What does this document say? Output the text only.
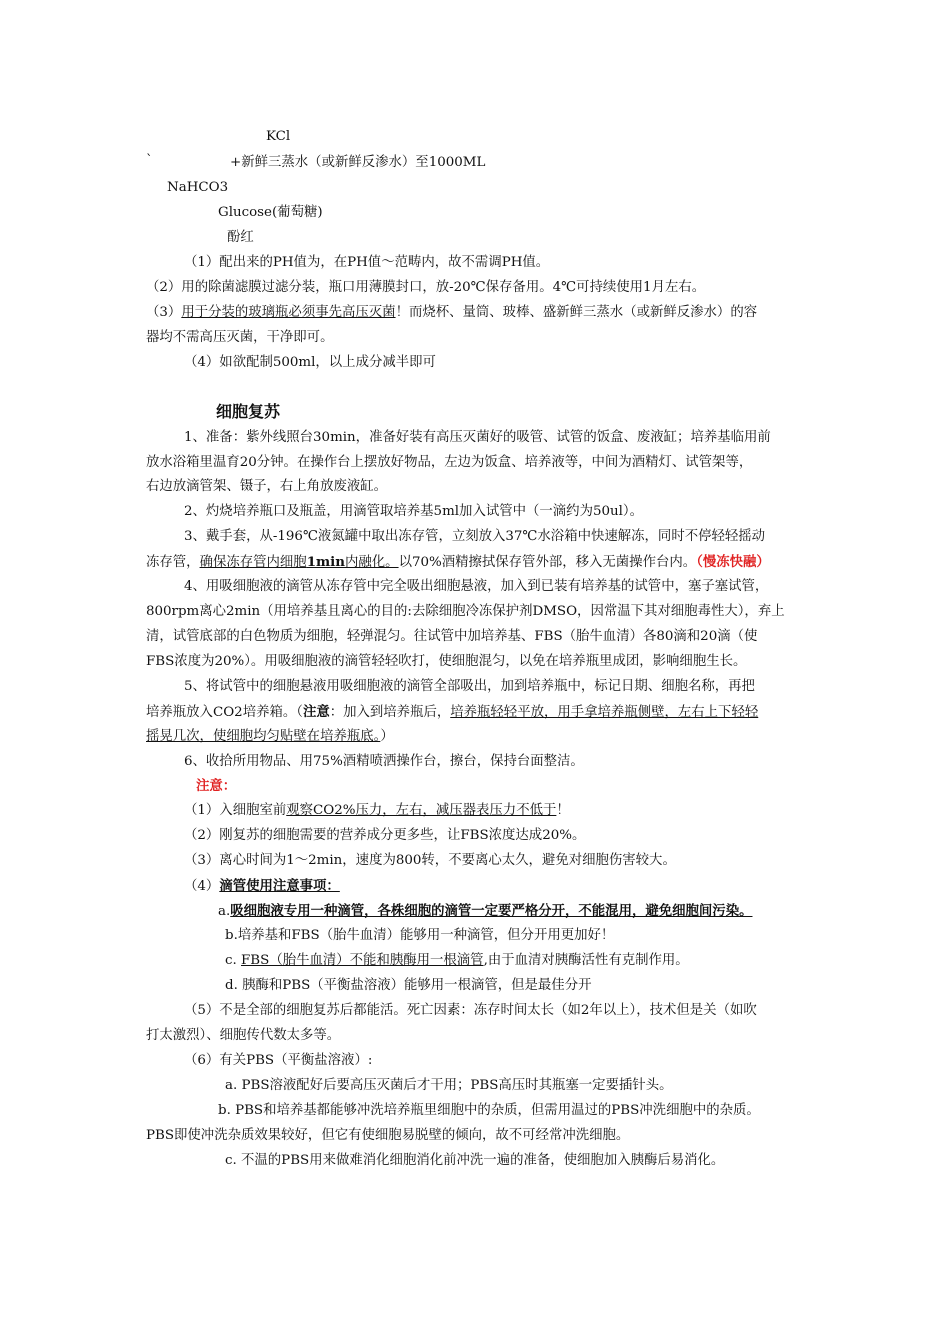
KCl
`	+新鲜三蒸水（或新鲜反渗水）至1000ML
NaHCO3
Glucose(葡萄糖)
酚红
（1）配出来的PH值为，在PH值～范畴内，故不需调PH值。
（2）用的除菌滤膜过滤分装，瓶口用薄膜封口，放-20℃保存备用。4℃可持续使用1月左右。
（3）用于分装的玻璃瓶必须事先高压灭菌！而烧杯、量筒、玻棒、盛新鲜三蒸水（或新鲜反渗水）的容
器均不需高压灭菌，干净即可。
（4）如欲配制500ml，以上成分减半即可
细胞复苏
1、准备：紫外线照台30min，准备好装有高压灭菌好的吸管、试管的饭盒、废液缸；培养基临用前
放水浴箱里温育20分钟。在操作台上摆放好物品，左边为饭盒、培养液等，中间为酒精灯、试管架等，
右边放滴管架、镊子，右上角放废液缸。
2、灼烧培养瓶口及瓶盖，用滴管取培养基5ml加入试管中（一滴约为50ul）。
3、戴手套，从-196℃液氮罐中取出冻存管，立刻放入37℃水浴箱中快速解冻，同时不停轻轻摇动
冻存管，确保冻存管内细胞1min内融化。以70%酒精擦拭保存管外部，移入无菌操作台内。（慢冻快融）
4、用吸细胞液的滴管从冻存管中完全吸出细胞悬液，加入到已装有培养基的试管中，塞子塞试管，
800rpm离心2min（用培养基且离心的目的:去除细胞冷冻保护剂DMSO，因常温下其对细胞毒性大），弃上
清，试管底部的白色物质为细胞，轻弹混匀。往试管中加培养基、FBS（胎牛血清）各80滴和20滴（使
FBS浓度为20%）。用吸细胞液的滴管轻轻吹打，使细胞混匀，以免在培养瓶里成团，影响细胞生长。
5、将试管中的细胞悬液用吸细胞液的滴管全部吸出，加到培养瓶中，标记日期、细胞名称，再把
培养瓶放入CO2培养箱。（注意：加入到培养瓶后，培养瓶轻轻平放，用手拿培养瓶侧壁，左右上下轻轻
摇晃几次，使细胞均匀贴壁在培养瓶底。）
6、收拾所用物品、用75%酒精喷洒操作台，擦台，保持台面整洁。
注意：
（1）入细胞室前观察CO2%压力，左右，减压器表压力不低于！
（2）刚复苏的细胞需要的营养成分更多些，让FBS浓度达成20%。
（3）离心时间为1～2min，速度为800转，不要离心太久，避免对细胞伤害较大。
（4）滴管使用注意事项：
a.吸细胞液专用一种滴管，各株细胞的滴管一定要严格分开，不能混用，避免细胞间污染。
b.培养基和FBS（胎牛血清）能够用一种滴管，但分开用更加好！
c. FBS（胎牛血清）不能和胰酶用一根滴管,由于血清对胰酶活性有克制作用。
d. 胰酶和PBS（平衡盐溶液）能够用一根滴管，但是最佳分开
（5）不是全部的细胞复苏后都能活。死亡因素：冻存时间太长（如2年以上），技术但是关（如吹
打太激烈）、细胞传代数太多等。
（6）有关PBS（平衡盐溶液）:
a. PBS溶液配好后要高压灭菌后才干用；PBS高压时其瓶塞一定要插针头。
b. PBS和培养基都能够冲洗培养瓶里细胞中的杂质，但需用温过的PBS冲洗细胞中的杂质。
PBS即使冲洗杂质效果较好，但它有使细胞易脱壁的倾向，故不可经常冲洗细胞。
c. 不温的PBS用来做难消化细胞消化前冲洗一遍的准备，使细胞加入胰酶后易消化。
